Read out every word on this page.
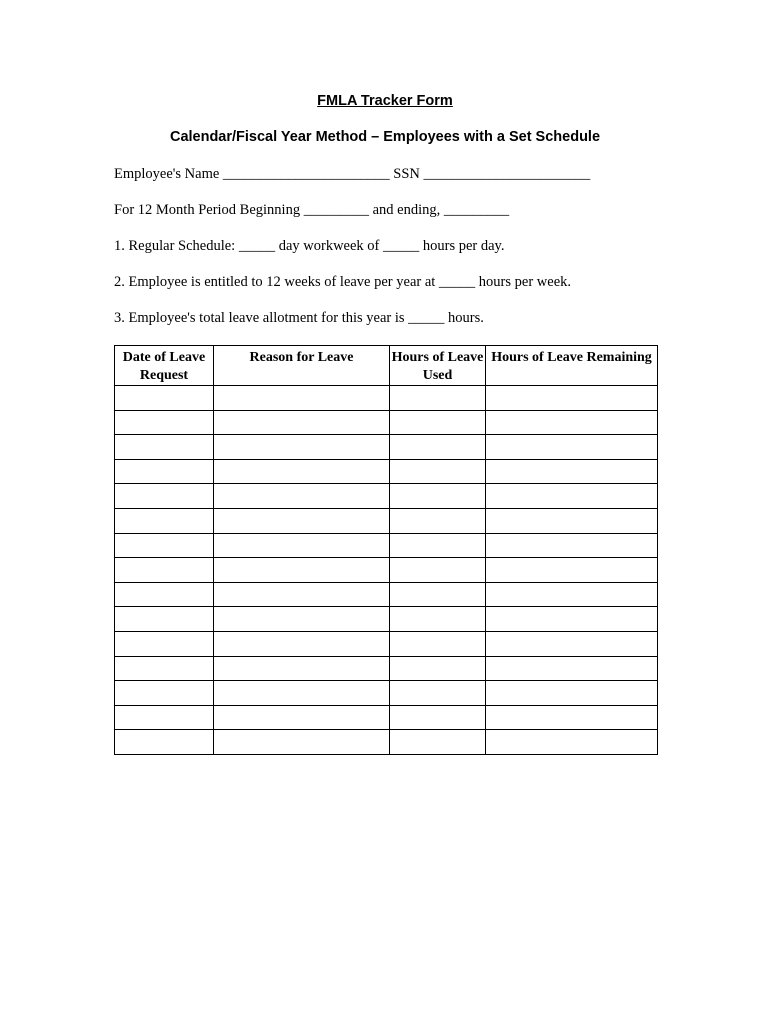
FMLA Tracker Form
Calendar/Fiscal Year Method – Employees with a Set Schedule
Employee's Name _______________________ SSN _______________________
For 12 Month Period Beginning _________ and ending, _________
1. Regular Schedule: _____ day workweek of _____ hours per day.
2. Employee is entitled to 12 weeks of leave per year at _____ hours per week.
3. Employee's total leave allotment for this year is _____ hours.
Date of Leave Request	Reason for Leave	Hours of Leave Used	Hours of Leave Remaining
